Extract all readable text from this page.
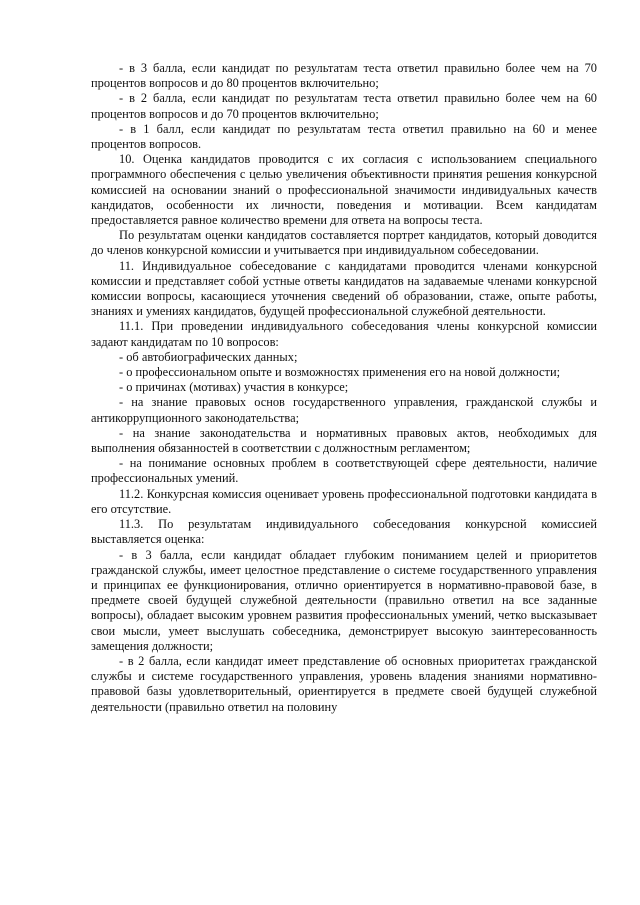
- в 3 балла, если кандидат по результатам теста ответил правильно более чем на 70 процентов вопросов и до 80 процентов включительно;

- в 2 балла, если кандидат по результатам теста ответил правильно более чем на 60 процентов вопросов и до 70 процентов включительно;

- в 1 балл, если кандидат по результатам теста ответил правильно на 60 и менее процентов вопросов.

10. Оценка кандидатов проводится с их согласия с использованием специального программного обеспечения с целью увеличения объективности принятия решения конкурсной комиссией на основании знаний о профессиональной значимости индивидуальных качеств кандидатов, особенности их личности, поведения и мотивации. Всем кандидатам предоставляется равное количество времени для ответа на вопросы теста.

По результатам оценки кандидатов составляется портрет кандидатов, который доводится до членов конкурсной комиссии и учитывается при индивидуальном собеседовании.

11. Индивидуальное собеседование с кандидатами проводится членами конкурсной комиссии и представляет собой устные ответы кандидатов на задаваемые членами конкурсной комиссии вопросы, касающиеся уточнения сведений об образовании, стаже, опыте работы, знаниях и умениях кандидатов, будущей профессиональной служебной деятельности.

11.1. При проведении индивидуального собеседования члены конкурсной комиссии задают кандидатам по 10 вопросов:

- об автобиографических данных;

- о профессиональном опыте и возможностях применения его на новой должности;

- о причинах (мотивах) участия в конкурсе;

- на знание правовых основ государственного управления, гражданской службы и антикоррупционного законодательства;

- на знание законодательства и нормативных правовых актов, необходимых для выполнения обязанностей в соответствии с должностным регламентом;

- на понимание основных проблем в соответствующей сфере деятельности, наличие профессиональных умений.

11.2. Конкурсная комиссия оценивает уровень профессиональной подготовки кандидата в его отсутствие.

11.3. По результатам индивидуального собеседования конкурсной комиссией выставляется оценка:

- в 3 балла, если кандидат обладает глубоким пониманием целей и приоритетов гражданской службы, имеет целостное представление о системе государственного управления и принципах ее функционирования, отлично ориентируется в нормативно-правовой базе, в предмете своей будущей служебной деятельности (правильно ответил на все заданные вопросы), обладает высоким уровнем развития профессиональных умений, четко высказывает свои мысли, умеет выслушать собеседника, демонстрирует высокую заинтересованность замещения должности;

- в 2 балла, если кандидат имеет представление об основных приоритетах гражданской службы и системе государственного управления, уровень владения знаниями нормативно-правовой базы удовлетворительный, ориентируется в предмете своей будущей служебной деятельности (правильно ответил на половину
